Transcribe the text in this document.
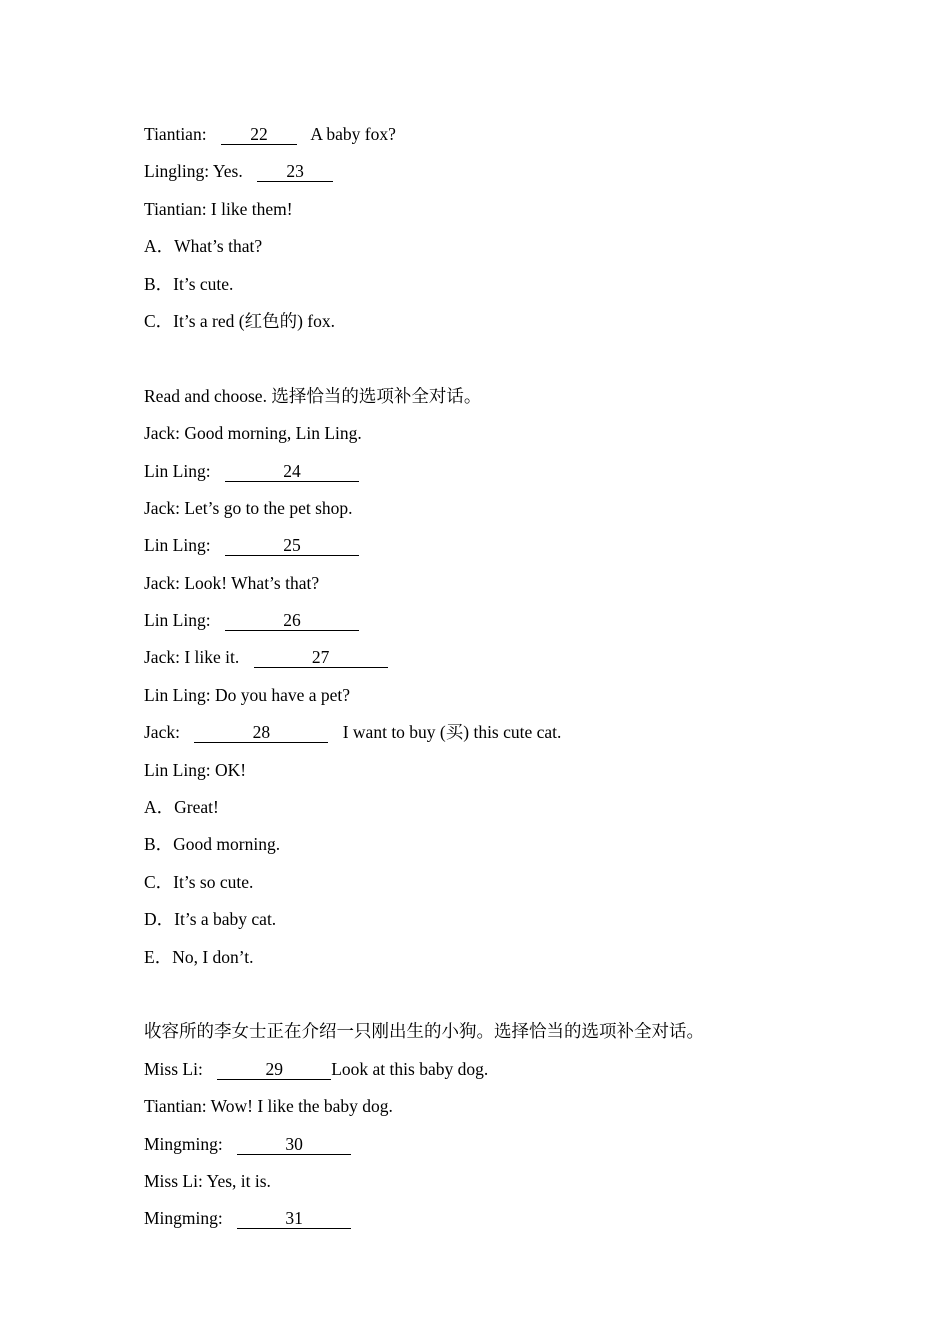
Tiantian: 22 A baby fox?
Lingling: Yes. 23
Tiantian: I like them!
A．What’s that?
B．It’s cute.
C．It’s a red (红色的) fox.
Read and choose. 选择恰当的选项补全对话。
Jack: Good morning, Lin Ling.
Lin Ling:	24
Jack: Let’s go to the pet shop.
Lin Ling:	25
Jack: Look! What’s that?
Lin Ling:	26
Jack: I like it.	27
Lin Ling: Do you have a pet?
Jack:	28	I want to buy (买) this cute cat.
Lin Ling: OK!
A．Great!
B．Good morning.
C．It’s so cute.
D．It’s a baby cat.
E．No, I don’t.
收容所的李女士正在介绍一只刚出生的小狗。选择恰当的选项补全对话。
Miss Li:	29	Look at this baby dog.
Tiantian: Wow! I like the baby dog.
Mingming:	30
Miss Li: Yes, it is.
Mingming:	31
